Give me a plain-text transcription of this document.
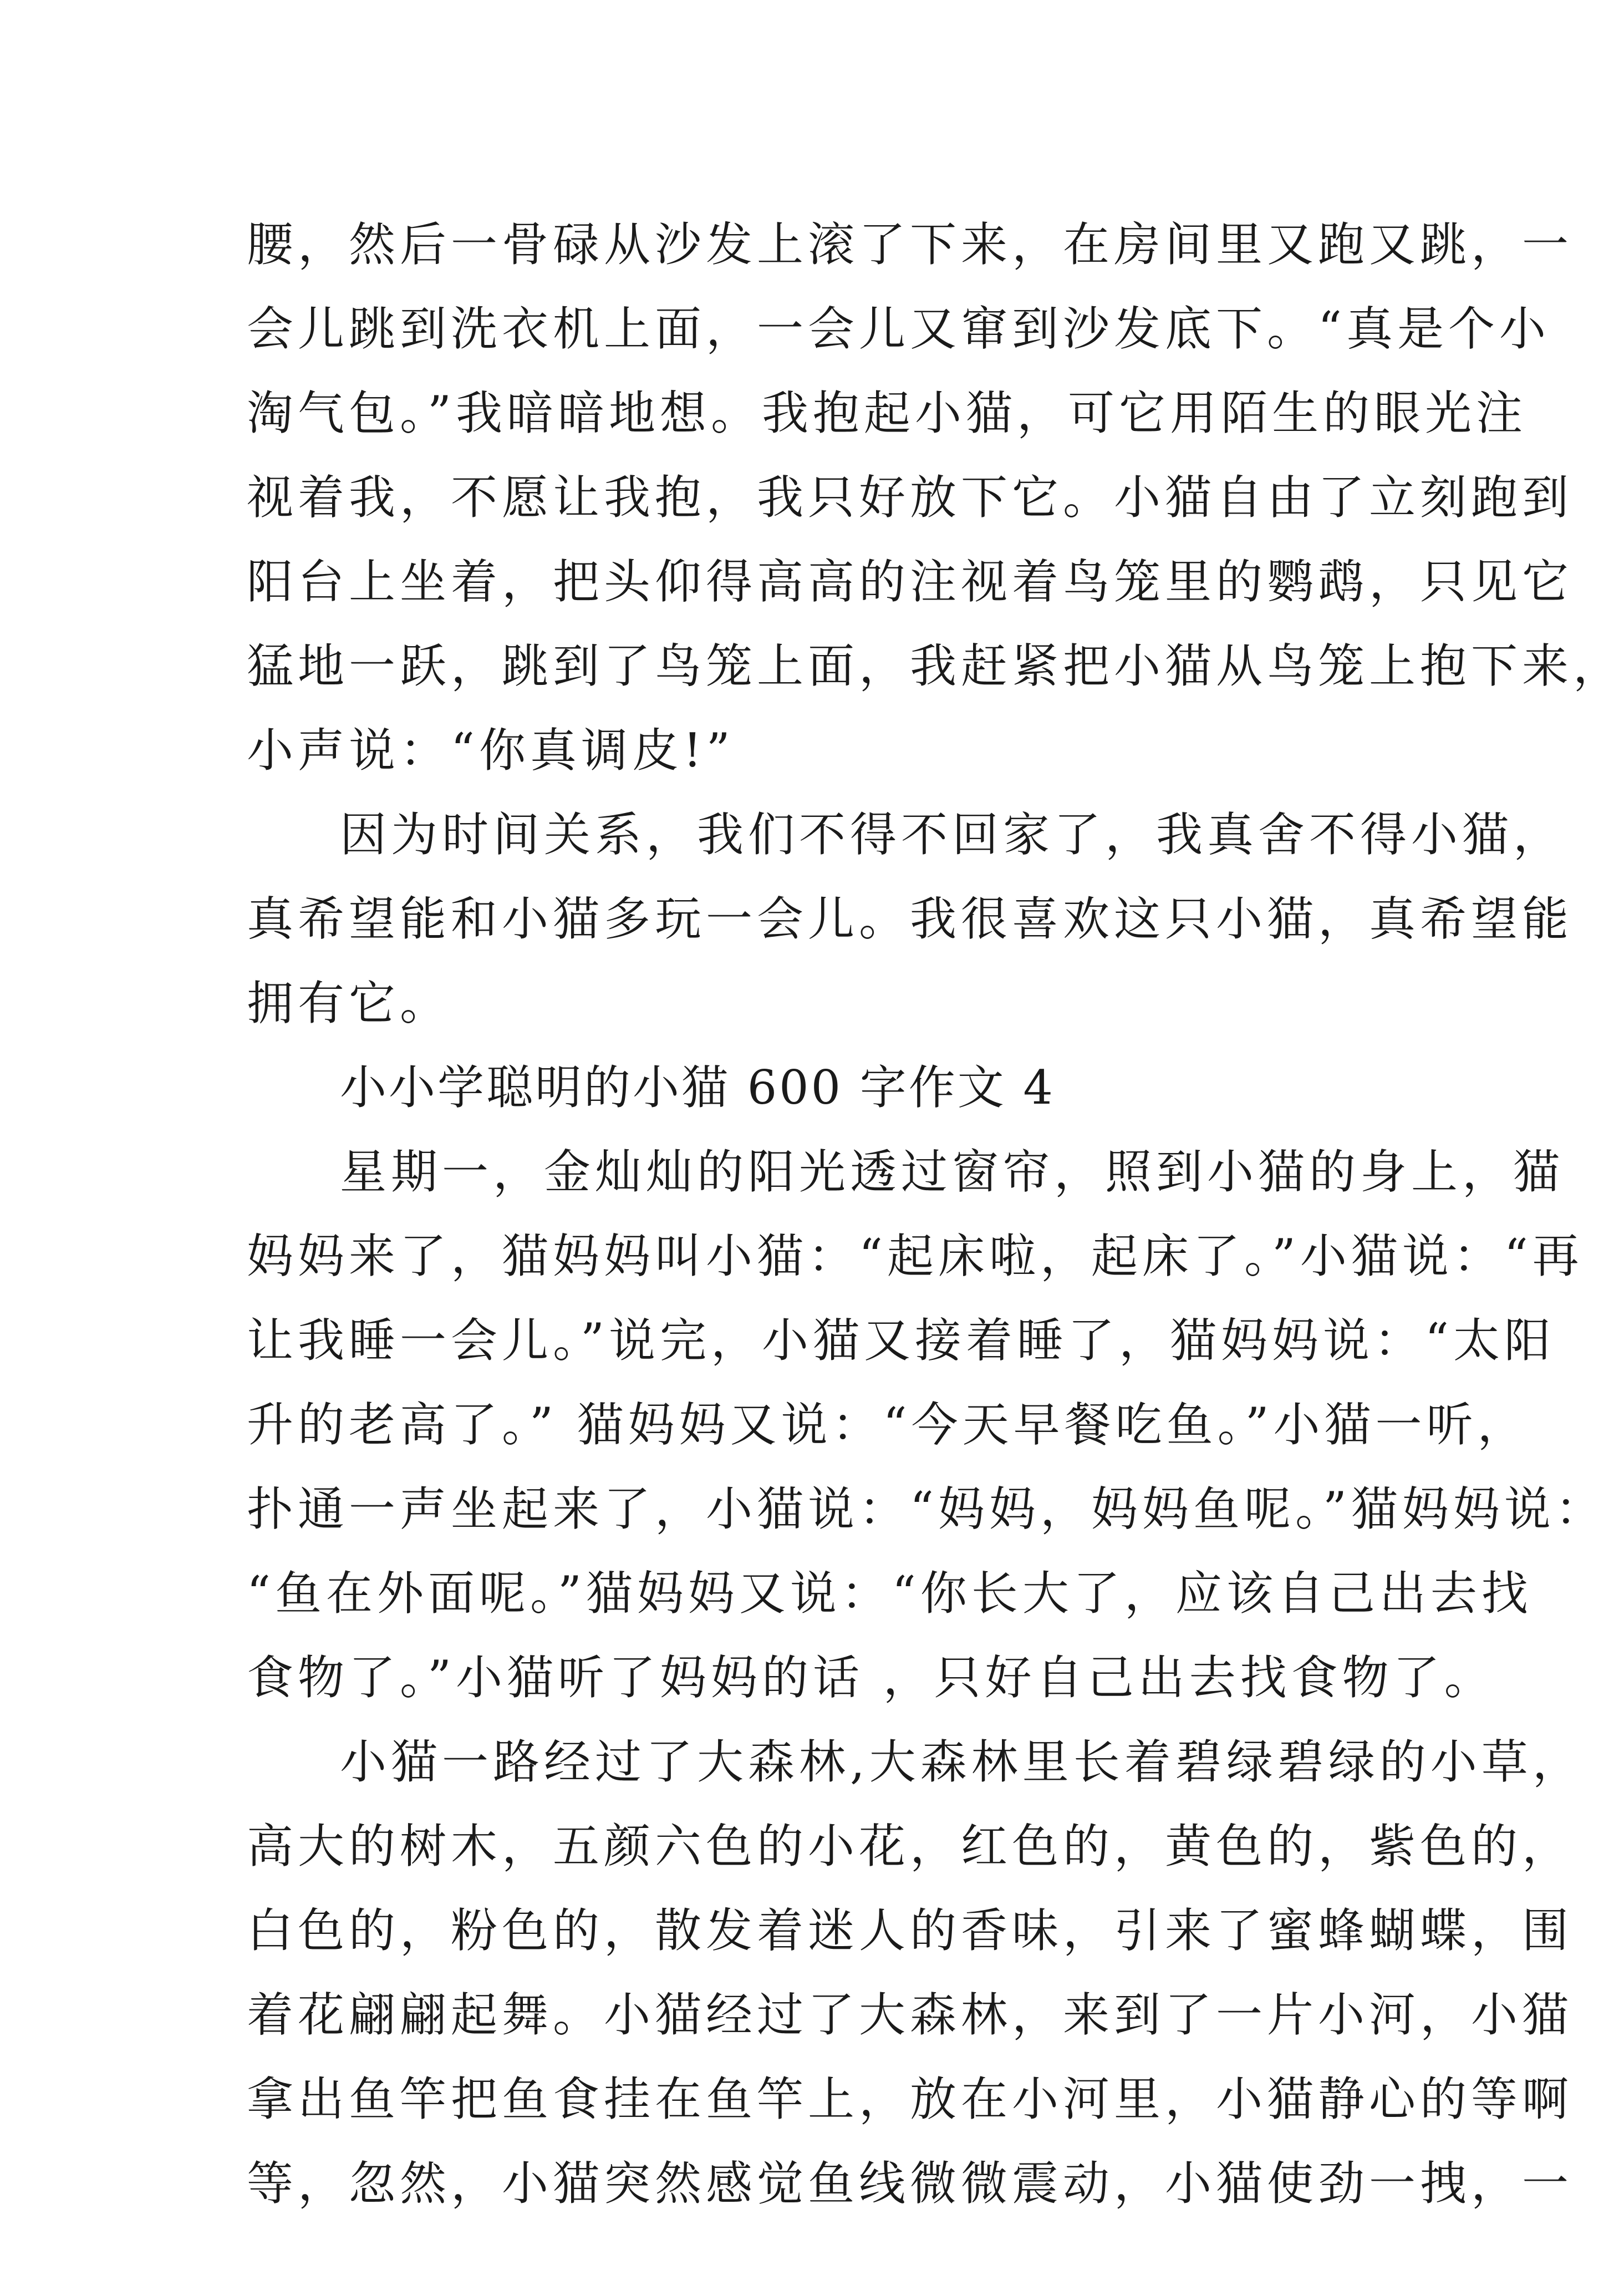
腰，然后一骨碌从沙发上滚了下来，在房间里又跑又跳，一
会儿跳到洗衣机上面，一会儿又窜到沙发底下。“真是个小
淘气包。”我暗暗地想。我抱起小猫，可它用陌生的眼光注
视着我，不愿让我抱，我只好放下它。小猫自由了立刻跑到
阳台上坐着，把头仰得高高的注视着鸟笼里的鹦鹉，只见它
猛地一跃，跳到了鸟笼上面，我赶紧把小猫从鸟笼上抱下来，
小声说：“你真调皮!”
因为时间关系，我们不得不回家了，我真舍不得小猫，
真希望能和小猫多玩一会儿。我很喜欢这只小猫，真希望能
拥有它。
小小学聪明的小猫 600 字作文 4
星期一，金灿灿的阳光透过窗帘，照到小猫的身上，猫
妈妈来了，猫妈妈叫小猫：“起床啦，起床了。”小猫说：“再
让我睡一会儿。”说完，小猫又接着睡了，猫妈妈说：“太阳
升的老高了。” 猫妈妈又说：“今天早餐吃鱼。”小猫一听，
扑通一声坐起来了，小猫说：“妈妈，妈妈鱼呢。”猫妈妈说：
“鱼在外面呢。”猫妈妈又说：“你长大了，应该自己出去找
食物了。”小猫听了妈妈的话 ，只好自己出去找食物了。
小猫一路经过了大森林,大森林里长着碧绿碧绿的小草，
高大的树木，五颜六色的小花，红色的，黄色的，紫色的，
白色的，粉色的，散发着迷人的香味，引来了蜜蜂蝴蝶，围
着花翩翩起舞。小猫经过了大森林，来到了一片小河，小猫
拿出鱼竿把鱼食挂在鱼竿上，放在小河里，小猫静心的等啊
等，忽然，小猫突然感觉鱼线微微震动，小猫使劲一拽，一
